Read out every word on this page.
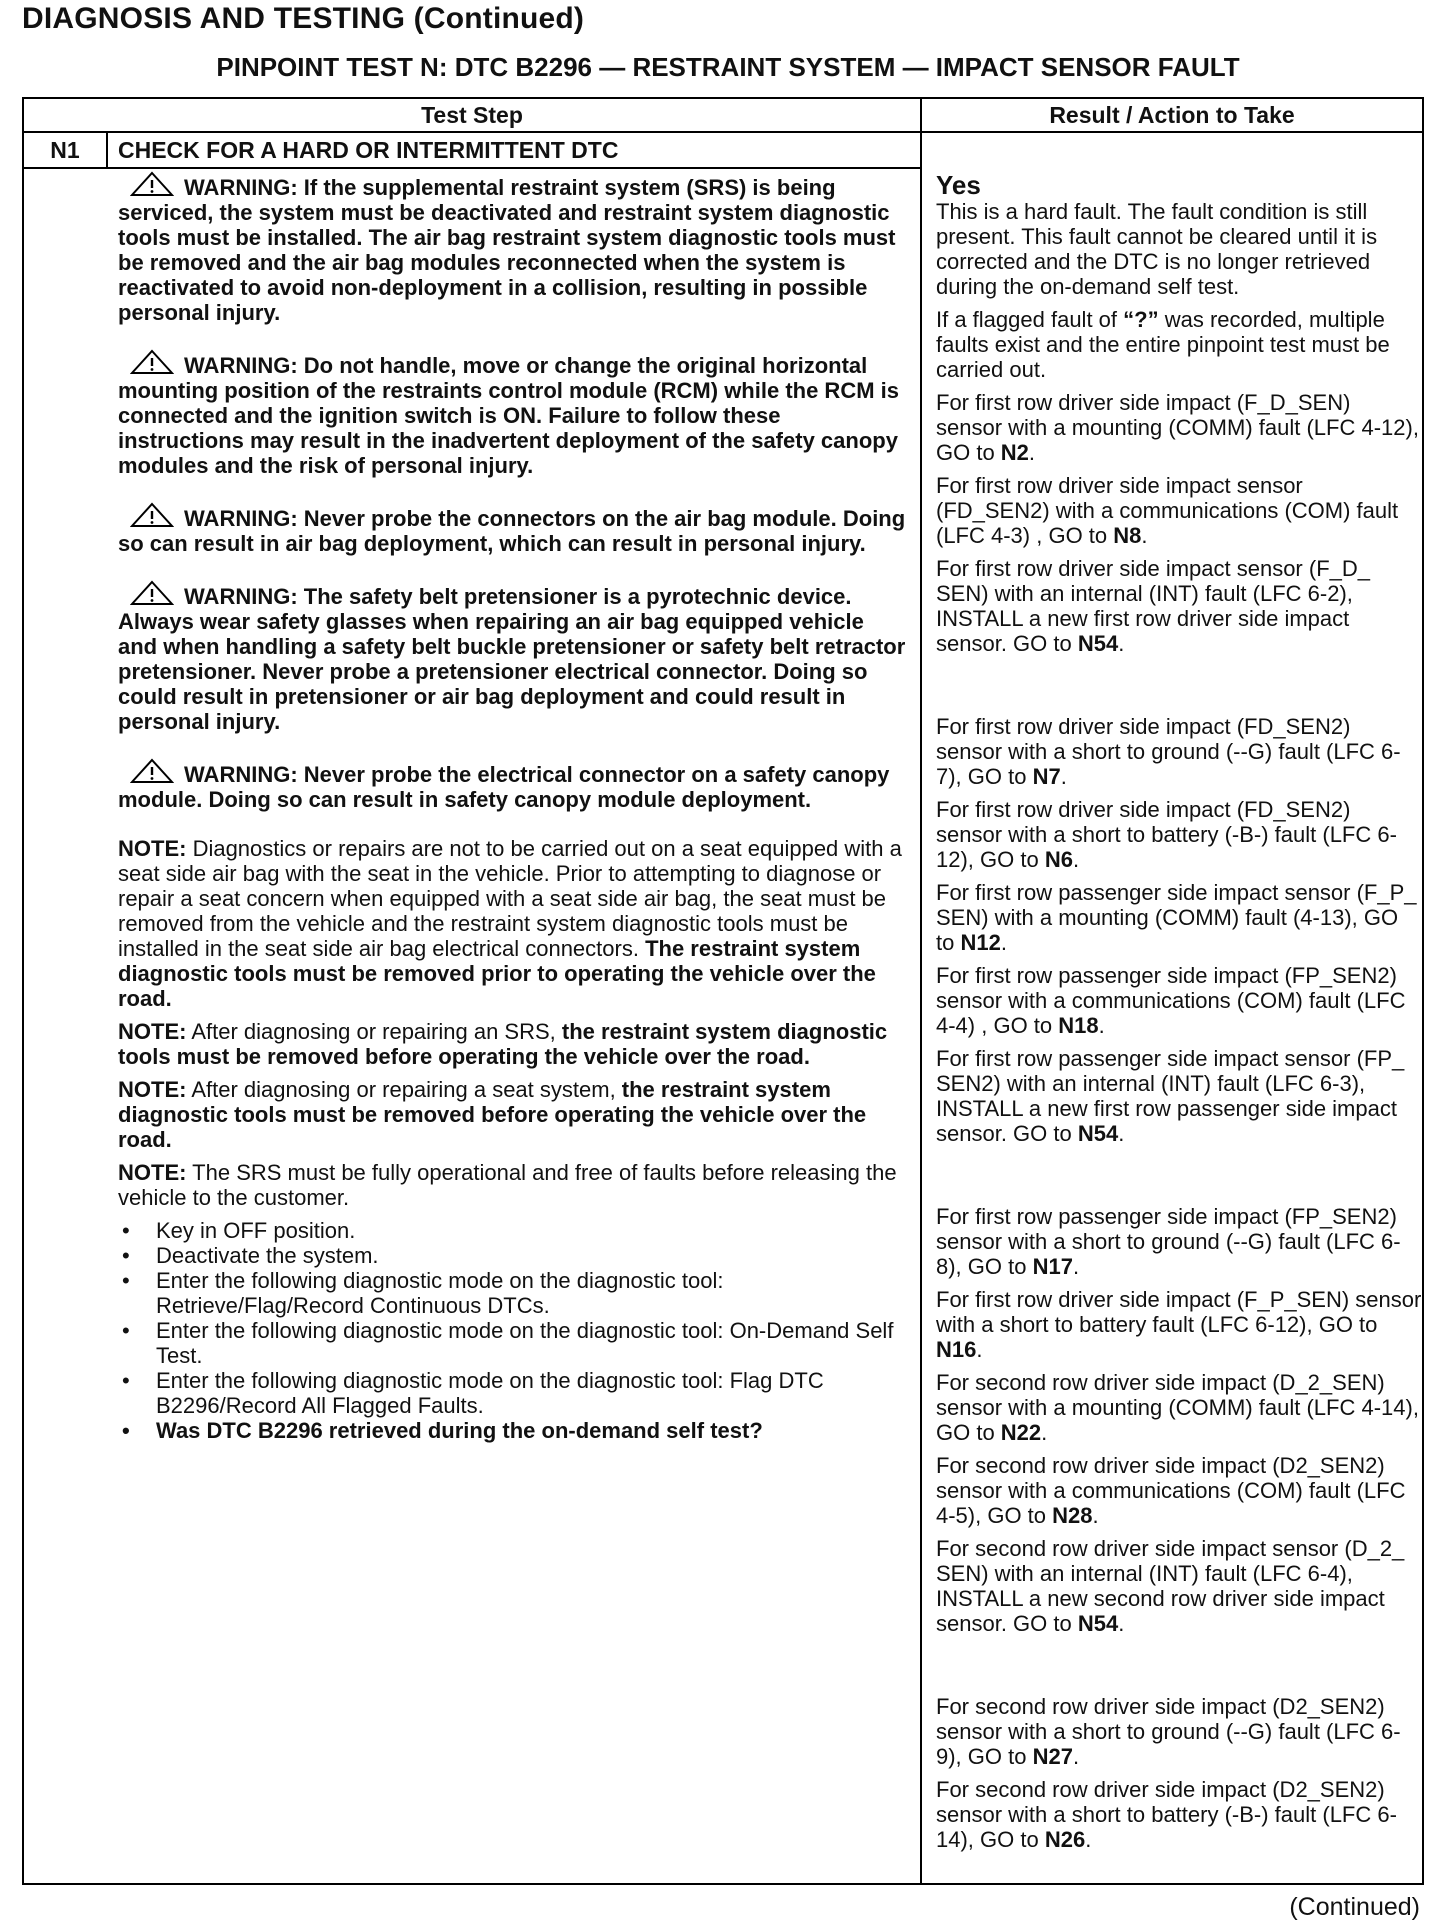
DIAGNOSIS AND TESTING (Continued)
PINPOINT TEST N: DTC B2296 — RESTRAINT SYSTEM — IMPACT SENSOR FAULT
Test Step	Result / Action to Take
N1	CHECK FOR A HARD OR INTERMITTENT DTC

WARNING: If the supplemental restraint system (SRS) is being serviced, the system must be deactivated and restraint system diagnostic tools must be installed. The air bag restraint system diagnostic tools must be removed and the air bag modules reconnected when the system is reactivated to avoid non-deployment in a collision, resulting in possible personal injury.

WARNING: Do not handle, move or change the original horizontal mounting position of the restraints control module (RCM) while the RCM is connected and the ignition switch is ON. Failure to follow these instructions may result in the inadvertent deployment of the safety canopy modules and the risk of personal injury.

WARNING: Never probe the connectors on the air bag module. Doing so can result in air bag deployment, which can result in personal injury.

WARNING: The safety belt pretensioner is a pyrotechnic device. Always wear safety glasses when repairing an air bag equipped vehicle and when handling a safety belt buckle pretensioner or safety belt retractor pretensioner. Never probe a pretensioner electrical connector. Doing so could result in pretensioner or air bag deployment and could result in personal injury.

WARNING: Never probe the electrical connector on a safety canopy module. Doing so can result in safety canopy module deployment.

NOTE: Diagnostics or repairs are not to be carried out on a seat equipped with a seat side air bag with the seat in the vehicle. Prior to attempting to diagnose or repair a seat concern when equipped with a seat side air bag, the seat must be removed from the vehicle and the restraint system diagnostic tools must be installed in the seat side air bag electrical connectors. The restraint system diagnostic tools must be removed prior to operating the vehicle over the road.

NOTE: After diagnosing or repairing an SRS, the restraint system diagnostic tools must be removed before operating the vehicle over the road.

NOTE: After diagnosing or repairing a seat system, the restraint system diagnostic tools must be removed before operating the vehicle over the road.

NOTE: The SRS must be fully operational and free of faults before releasing the vehicle to the customer.

• Key in OFF position.
• Deactivate the system.
• Enter the following diagnostic mode on the diagnostic tool: Retrieve/Flag/Record Continuous DTCs.
• Enter the following diagnostic mode on the diagnostic tool: On-Demand Self Test.
• Enter the following diagnostic mode on the diagnostic tool: Flag DTC B2296/Record All Flagged Faults.
• Was DTC B2296 retrieved during the on-demand self test?

Yes

This is a hard fault. The fault condition is still present. This fault cannot be cleared until it is corrected and the DTC is no longer retrieved during the on-demand self test.

If a flagged fault of “?” was recorded, multiple faults exist and the entire pinpoint test must be carried out.

For first row driver side impact (F_D_SEN) sensor with a mounting (COMM) fault (LFC 4-12), GO to N2.

For first row driver side impact sensor (FD_SEN2) with a communications (COM) fault (LFC 4-3) , GO to N8.

For first row driver side impact sensor (F_D_ SEN) with an internal (INT) fault (LFC 6-2), INSTALL a new first row driver side impact sensor. GO to N54.

For first row driver side impact (FD_SEN2) sensor with a short to ground (--G) fault (LFC 6-7), GO to N7.

For first row driver side impact (FD_SEN2) sensor with a short to battery (-B-) fault (LFC 6-12), GO to N6.

For first row passenger side impact sensor (F_P_ SEN) with a mounting (COMM) fault (4-13), GO to N12.

For first row passenger side impact (FP_SEN2) sensor with a communications (COM) fault (LFC 4-4) , GO to N18.

For first row passenger side impact sensor (FP_ SEN2) with an internal (INT) fault (LFC 6-3), INSTALL a new first row passenger side impact sensor. GO to N54.

For first row passenger side impact (FP_SEN2) sensor with a short to ground (--G) fault (LFC 6-8), GO to N17.

For first row driver side impact (F_P_SEN) sensor with a short to battery fault (LFC 6-12), GO to N16.

For second row driver side impact (D_2_SEN) sensor with a mounting (COMM) fault (LFC 4-14), GO to N22.

For second row driver side impact (D2_SEN2) sensor with a communications (COM) fault (LFC 4-5), GO to N28.

For second row driver side impact sensor (D_2_ SEN) with an internal (INT) fault (LFC 6-4), INSTALL a new second row driver side impact sensor. GO to N54.

For second row driver side impact (D2_SEN2) sensor with a short to ground (--G) fault (LFC 6-9), GO to N27.

For second row driver side impact (D2_SEN2) sensor with a short to battery (-B-) fault (LFC 6-14), GO to N26.

(Continued)
